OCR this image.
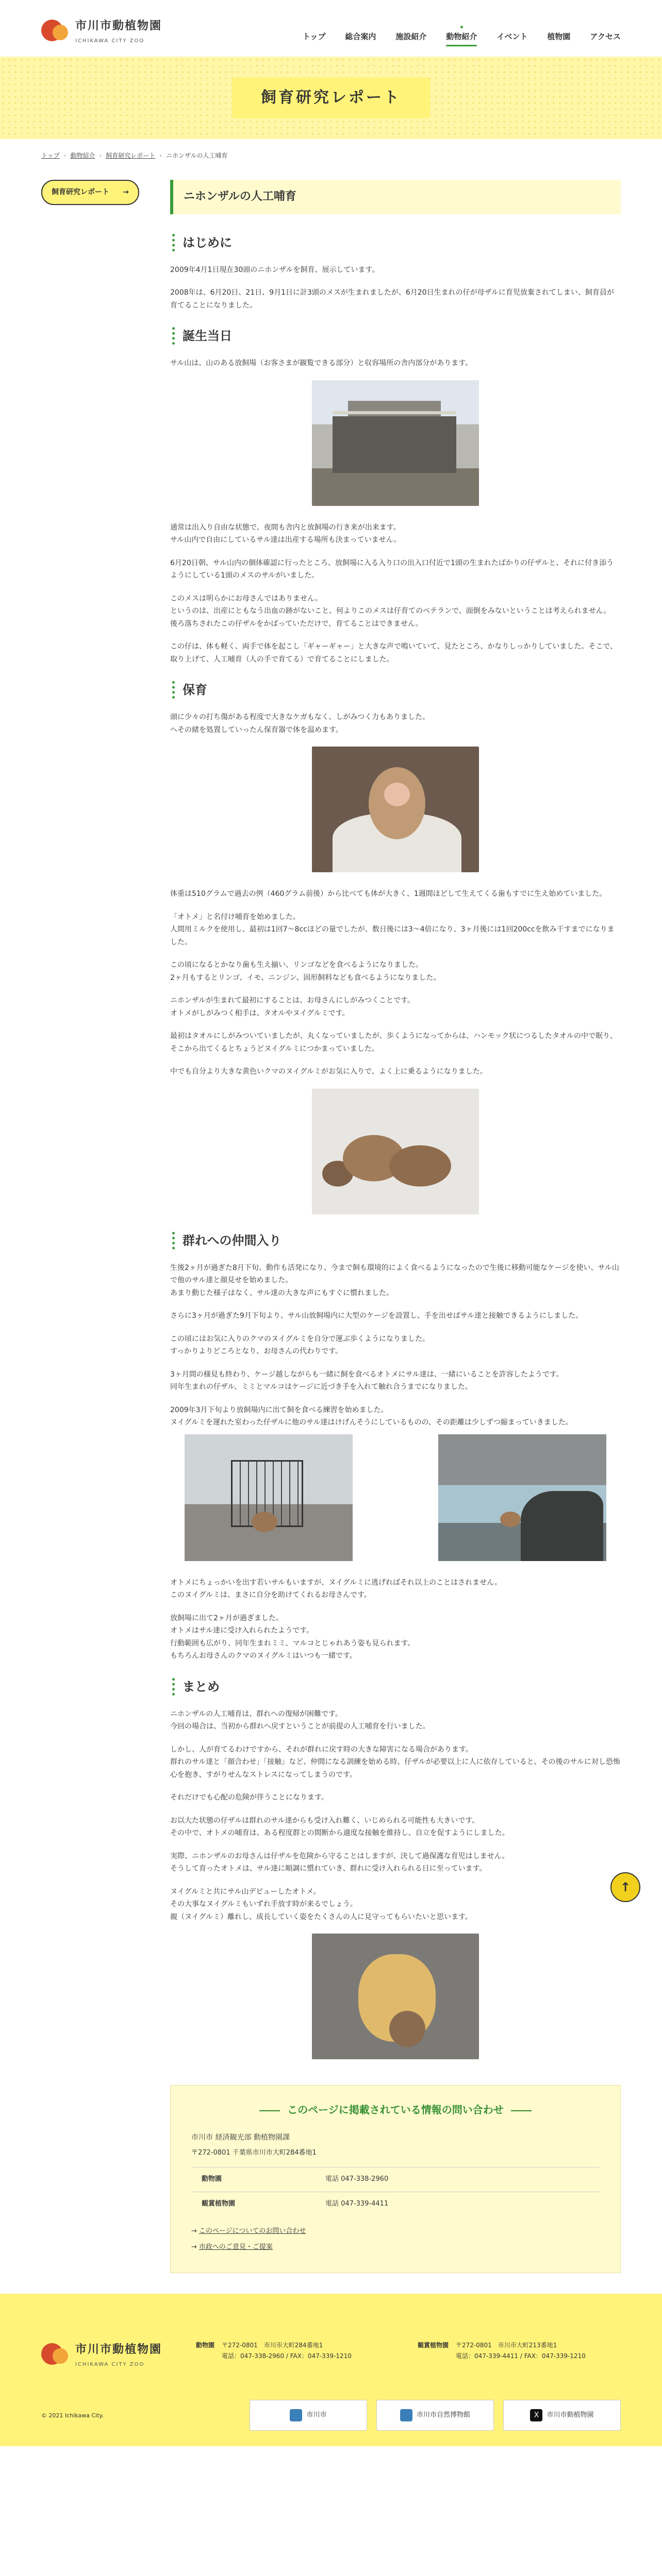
市川市動植物園
ICHIKAWA CITY ZOO	トップ	総合案内	施設紹介	動物紹介	イベント	植物園	アクセス
飼育研究レポート
トップ › 動物紹介 › 飼育研究レポート › ニホンザルの人工哺育
飼育研究レポート →	ニホンザルの人工哺育
はじめに

2009年4月1日現在30頭のニホンザルを飼育、展示しています。

2008年は、6月20日、21日、9月1日に計3頭のメスが生まれましたが、6月20日生まれの仔が母ザルに育児放棄されてしまい、飼育員が育てることになりました。

誕生当日

サル山は、山のある放飼場（お客さまが観覧できる部分）と収容場所の舎内部分があります。

通常は出入り自由な状態で、夜間も舎内と放飼場の行き来が出来ます。
サル山内で自由にしているサル達は出産する場所も決まっていません。

6月20日朝、サル山内の個体確認に行ったところ、放飼場に入る入り口の出入口付近で1頭の生まれたばかりの仔ザルと、それに付き添うようにしている1頭のメスのサルがいました。

このメスは明らかにお母さんではありません。
というのは、出産にともなう出血の跡がないこと、何よりこのメスは仔育てのベテランで、面倒をみないということは考えられません。
後ろ落ちされたこの仔ザルをかばっていただけで、育てることはできません。

この仔は、体も軽く、両手で体を起こし「ギャーギャー」と大きな声で鳴いていて、見たところ、かなりしっかりしていました。そこで、取り上げて、人工哺育（人の手で育てる）で育てることにしました。

保育

頭に少々の打ち傷がある程度で大きなケガもなく、しがみつく力もありました。
へその緒を処置していったん保育器で体を温めます。

体重は510グラムで過去の例（460グラム前後）から比べても体が大きく、1週間ほどして生えてくる歯もすでに生え始めていました。

「オトメ」と名付け哺育を始めました。
人間用ミルクを使用し、最初は1回7〜8ccほどの量でしたが、数日後には3〜4倍になり、3ヶ月後には1回200ccを飲み干すまでになりました。

この頃になるとかなり歯も生え揃い、リンゴなどを食べるようになりました。
2ヶ月もするとリンゴ、イモ、ニンジン、固形飼料なども食べるようになりました。

ニホンザルが生まれて最初にすることは、お母さんにしがみつくことです。
オトメがしがみつく相手は、タオルやヌイグルミです。

最初はタオルにしがみついていましたが、丸くなっていましたが、歩くようになってからは、ハンモック状につるしたタオルの中で眠り、そこから出てくるとちょうどヌイグルミにつかまっていました。

中でも自分より大きな黄色いクマのヌイグルミがお気に入りで、よく上に乗るようになりました。

群れへの仲間入り

生後2ヶ月が過ぎた8月下旬、動作も活発になり、今まで飼も環境的によく食べるようになったので生後に移動可能なケージを使い、サル山で他のサル達と顔見せを始めました。
あまり動じた様子はなく、サル達の大きな声にもすぐに慣れました。

さらに3ヶ月が過ぎた9月下旬より、サル山放飼場内に大型のケージを設置し、手を出せばサル達と接触できるようにしました。

この頃にはお気に入りのクマのヌイグルミを自分で運ぶ歩くようになりました。
すっかりよりどころとなり、お母さんの代わりです。

3ヶ月間の様見も終わり、ケージ越しながらも一緒に飼を食べるオトメにサル達は、一緒にいることを許容したようです。
同年生まれの仔ザル、ミミとマルコはケージに近づき手を入れて触れ合うまでになりました。

2009年3月下旬より放飼場内に出て飼を食べる練習を始めました。
ヌイグルミを運れた室わった仔ザルに他のサル達はけげんそうにしているものの、その距離は少しずつ縮まっていきました。

オトメにちょっかいを出す若いサルもいますが、ヌイグルミに逃げればそれ以上のことはされません。
このヌイグルミは、まさに自分を助けてくれるお母さんです。

放飼場に出て2ヶ月が過ぎました。
オトメはサル達に受け入れられたようです。
行動範囲も広がり、同年生まれミミ、マルコとじゃれあう姿も見られます。
もちろんお母さんのクマのヌイグルミはいつも一緒です。

まとめ

ニホンザルの人工哺育は、群れへの復帰が困難です。
今回の場合は、当初から群れへ戻すということが前提の人工哺育を行いました。

しかし、人が育てるわけですから、それが群れに戻す時の大きな障害になる場合があります。
群れのサル達と「顔合わせ」「接触」など、仲間になる訓練を始める時、仔ザルが必要以上に人に依存していると、その後のサルに対し恐怖心を抱き、すがりせんなストレスになってしまうのです。

それだけでも心配の危険が伴うことになります。

お以大た状態の仔ザルは群れのサル達からも受け入れ難く、いじめられる可能性も大きいです。
その中で、オトメの哺育は、ある程度群との間断から適度な接触を維持し、自立を促すようにしました。

実際、ニホンザルのお母さんは仔ザルを危険から守ることはしますが、決して過保護な育児はしません。
そうして育ったオトメは、サル達に順調に慣れていき、群れに受け入れられる日に至っています。

ヌイグルミと共にサル山デビューしたオトメ。
その大事なヌイグルミもいずれ手放す時が来るでしょう。
親（ヌイグルミ）離れし、成長していく姿をたくさんの人に見守ってもらいたいと思います。

このページに掲載されている情報の問い合わせ
市川市 経済観光部 動植物園課
〒272-0801 千葉県市川市大町284番地1
動物園	電話 047-338-2960
観賞植物園	電話 047-339-4411
→ このページについてのお問い合わせ
→ 市政へのご意見・ご提案
↑
市川市動植物園
ICHIKAWA CITY ZOO
動物園 〒272-0801　市川市大町284番地1
電話：047-338-2960 / FAX：047-339-1210
観賞植物園 〒272-0801　市川市大町213番地1
電話：047-339-4411 / FAX：047-339-1210
© 2021 Ichikawa City.	市川市	市川市自然博物館	X	市川市動植物園
